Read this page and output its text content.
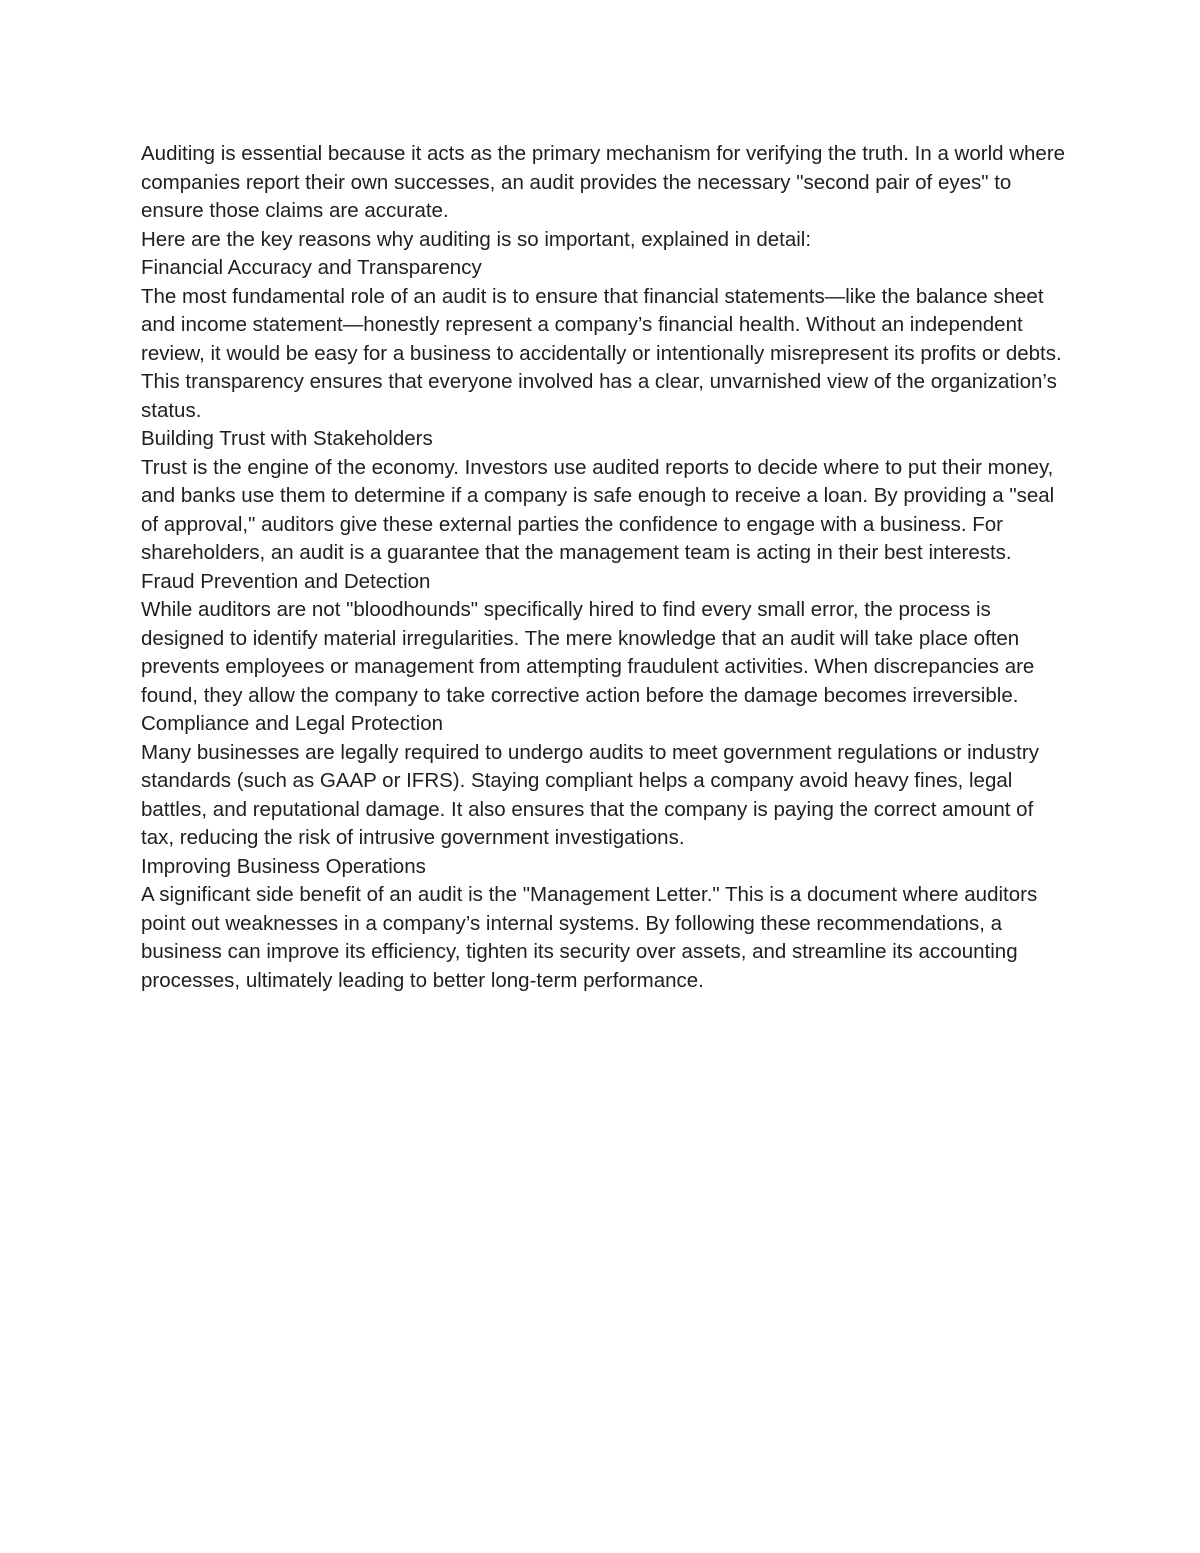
Auditing is essential because it acts as the primary mechanism for verifying the truth. In a world where companies report their own successes, an audit provides the necessary "second pair of eyes" to ensure those claims are accurate.

Here are the key reasons why auditing is so important, explained in detail:

Financial Accuracy and Transparency

The most fundamental role of an audit is to ensure that financial statements—like the balance sheet and income statement—honestly represent a company’s financial health. Without an independent review, it would be easy for a business to accidentally or intentionally misrepresent its profits or debts. This transparency ensures that everyone involved has a clear, unvarnished view of the organization’s status.

Building Trust with Stakeholders

Trust is the engine of the economy. Investors use audited reports to decide where to put their money, and banks use them to determine if a company is safe enough to receive a loan. By providing a "seal of approval," auditors give these external parties the confidence to engage with a business. For shareholders, an audit is a guarantee that the management team is acting in their best interests.

Fraud Prevention and Detection

While auditors are not "bloodhounds" specifically hired to find every small error, the process is designed to identify material irregularities. The mere knowledge that an audit will take place often prevents employees or management from attempting fraudulent activities. When discrepancies are found, they allow the company to take corrective action before the damage becomes irreversible.

Compliance and Legal Protection

Many businesses are legally required to undergo audits to meet government regulations or industry standards (such as GAAP or IFRS). Staying compliant helps a company avoid heavy fines, legal battles, and reputational damage. It also ensures that the company is paying the correct amount of tax, reducing the risk of intrusive government investigations.

Improving Business Operations

A significant side benefit of an audit is the "Management Letter." This is a document where auditors point out weaknesses in a company’s internal systems. By following these recommendations, a business can improve its efficiency, tighten its security over assets, and streamline its accounting processes, ultimately leading to better long-term performance.
